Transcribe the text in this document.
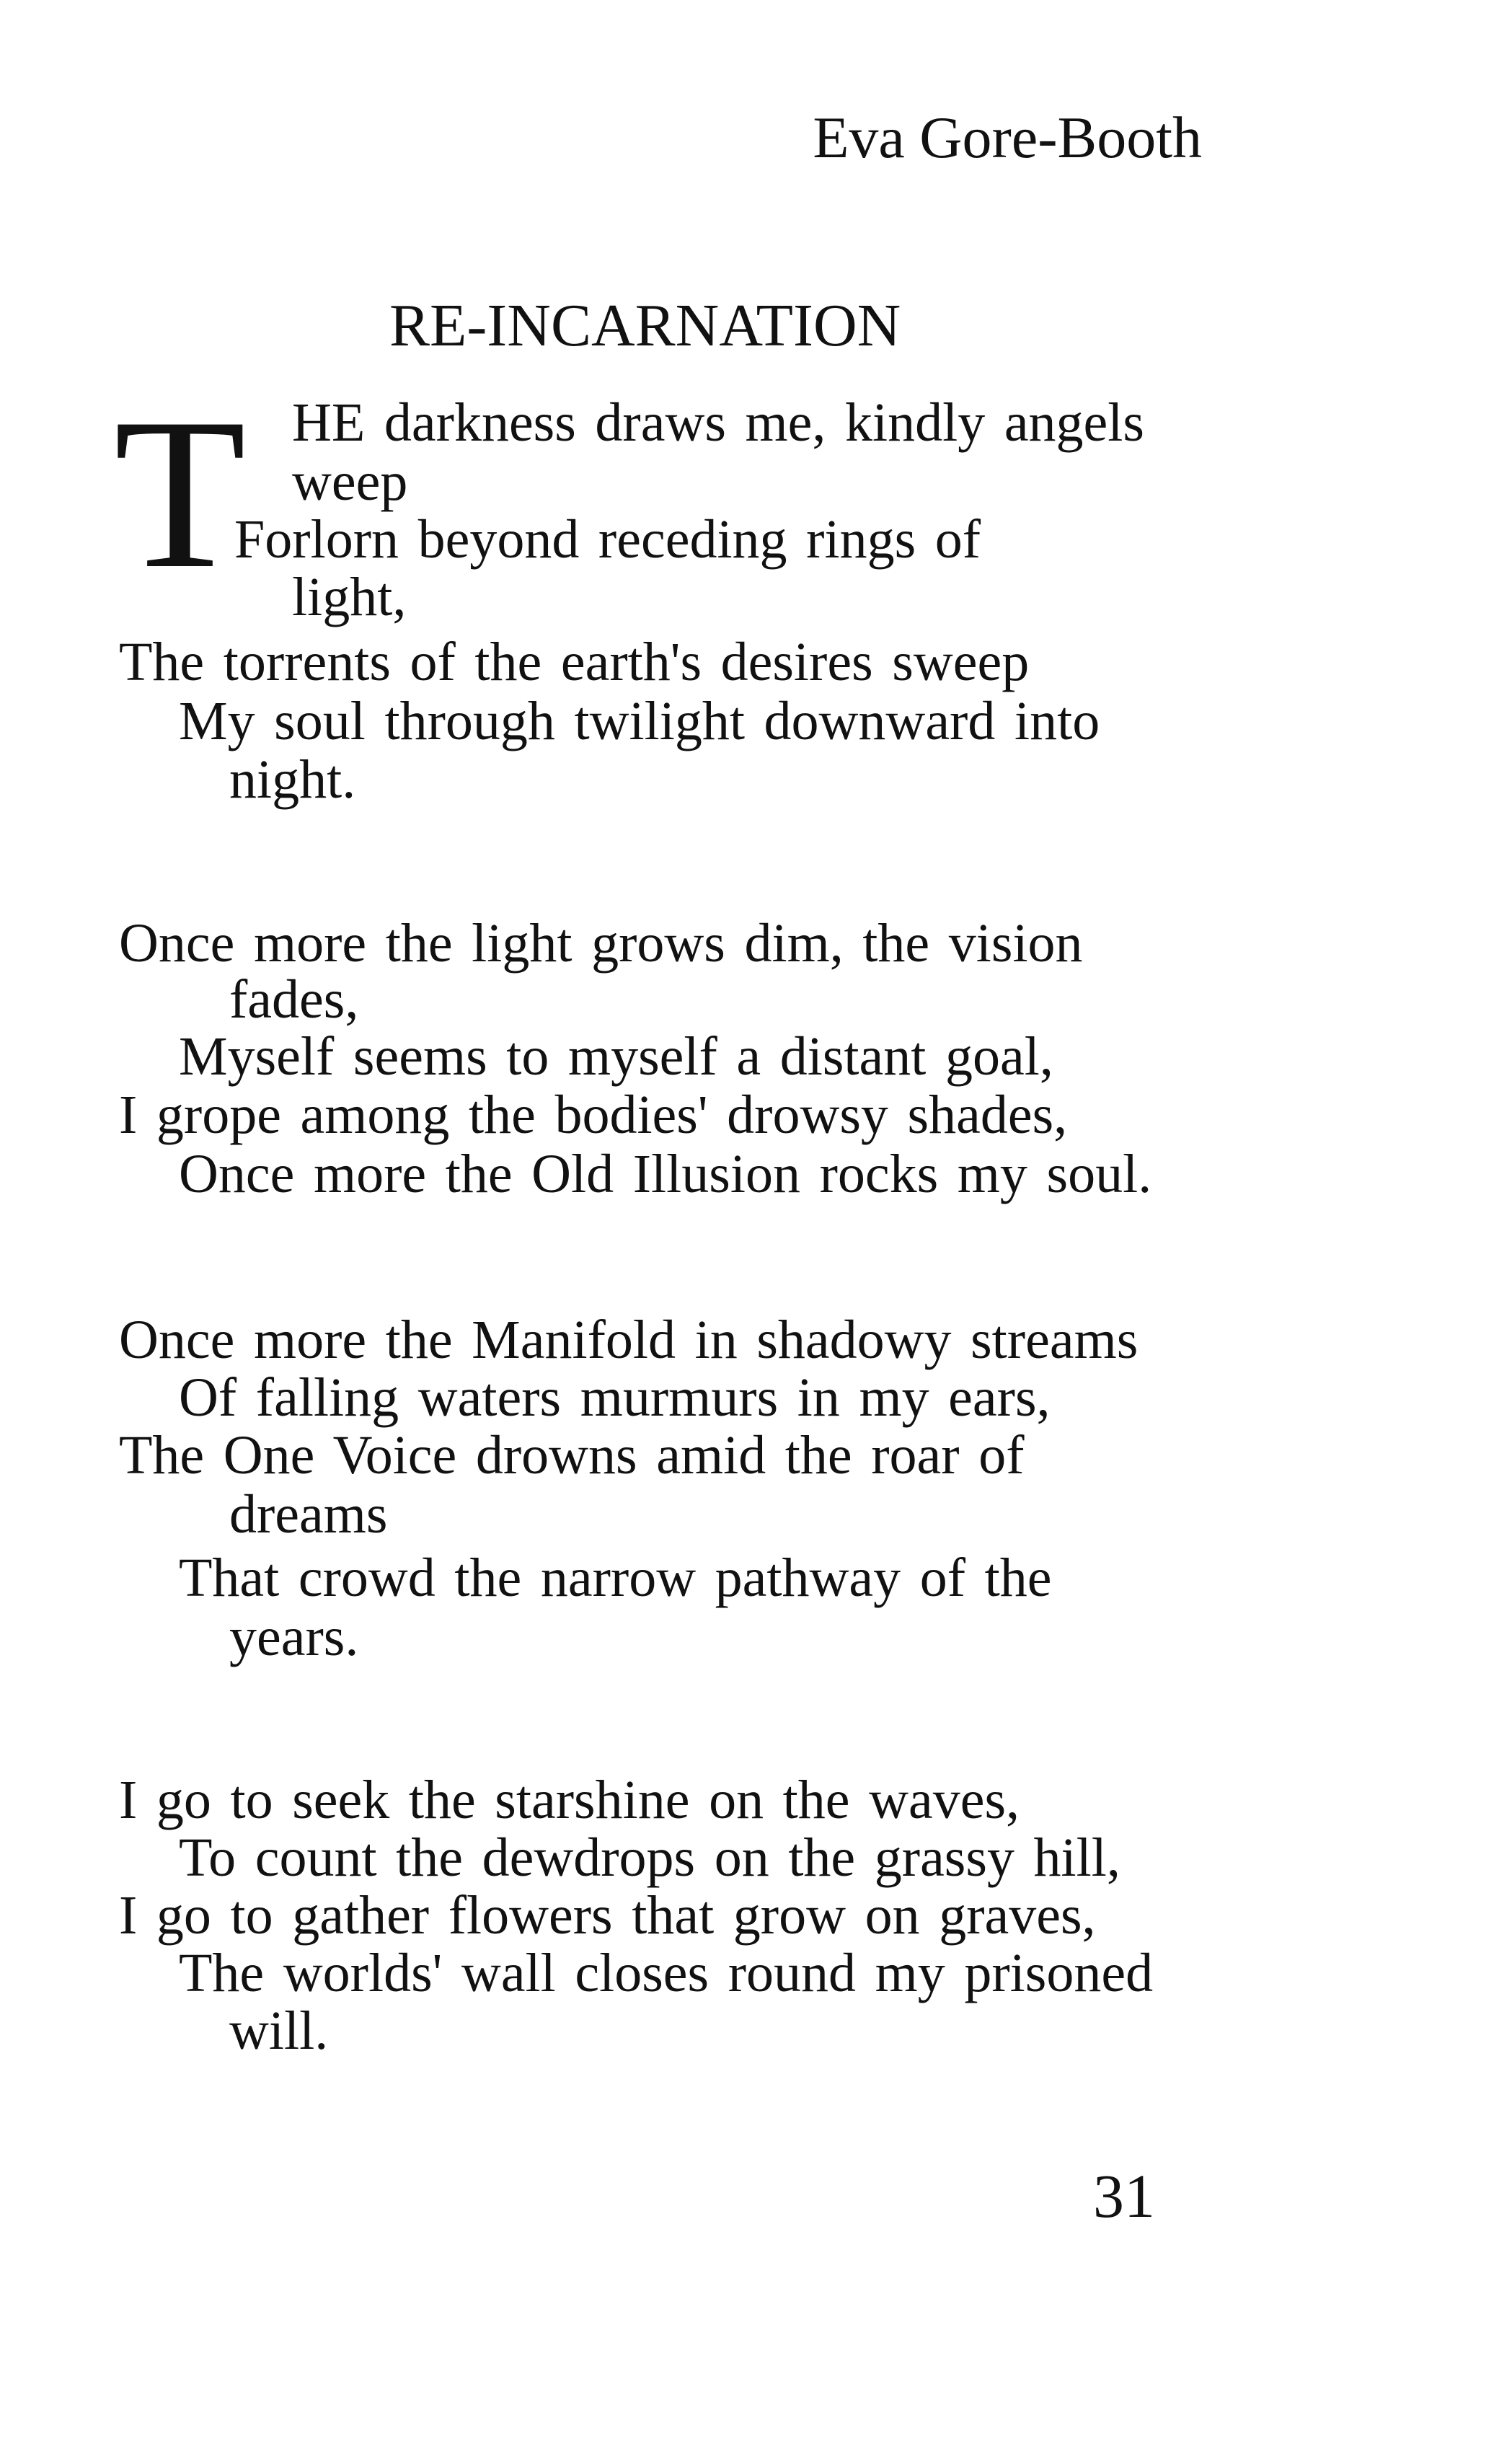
Eva Gore-Booth
RE-INCARNATION
T HE darkness draws me, kindly angels
weep
Forlorn beyond receding rings of
light,
The torrents of the earth's desires sweep
My soul through twilight downward into
night.
Once more the light grows dim, the vision
fades,
Myself seems to myself a distant goal,
I grope among the bodies' drowsy shades,
Once more the Old Illusion rocks my soul.
Once more the Manifold in shadowy streams
Of falling waters murmurs in my ears,
The One Voice drowns amid the roar of
dreams
That crowd the narrow pathway of the
years.
I go to seek the starshine on the waves,
To count the dewdrops on the grassy hill,
I go to gather flowers that grow on graves,
The worlds' wall closes round my prisoned
will.
31
